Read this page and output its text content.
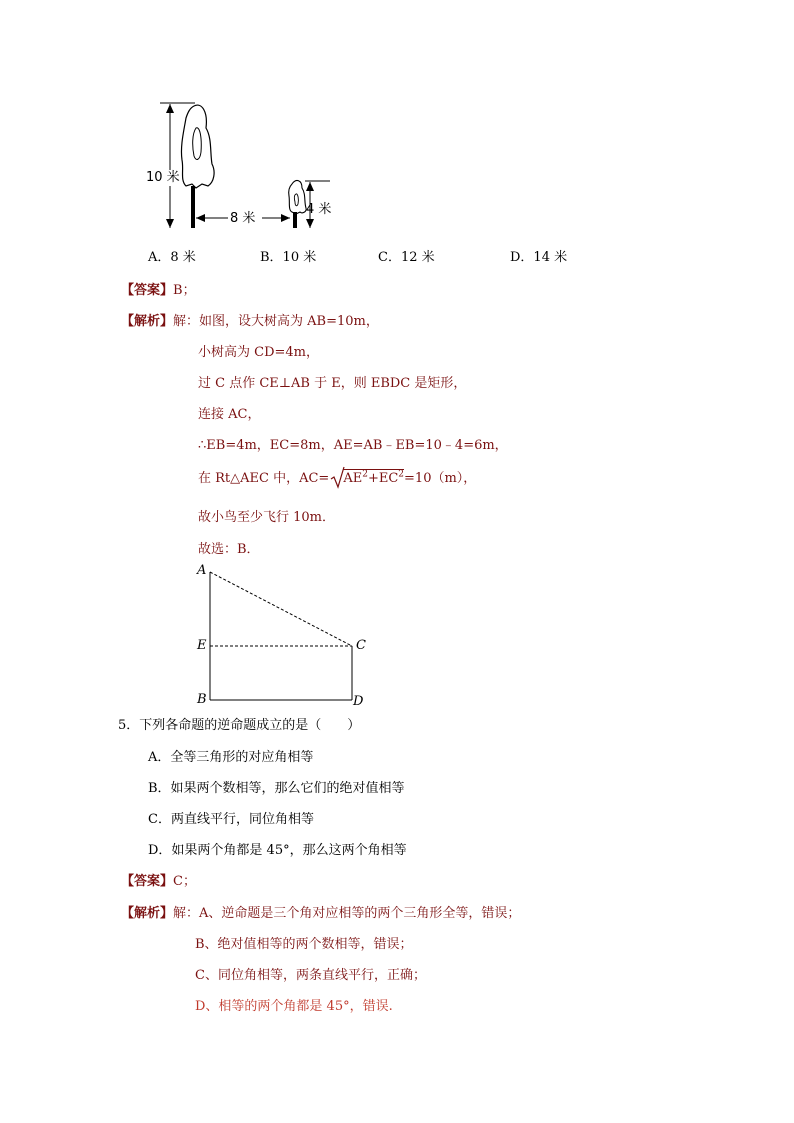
10 米
8 米
4 米
A．8 米	B．10 米	C．12 米	D．14 米
【答案】B；
【解析】解：如图，设大树高为 AB=10m，
小树高为 CD=4m，
过 C 点作 CE⊥AB 于 E，则 EBDC 是矩形，
连接 AC，
∴EB=4m，EC=8m，AE=AB﹣EB=10﹣4=6m，
在 Rt△AEC 中，$AC= AE^2+EC^2=10(m)$，
故小鸟至少飞行 10m．
故选：B．
A
E
B
C
D
5．下列各命题的逆命题成立的是（　　）
A．全等三角形的对应角相等
B．如果两个数相等，那么它们的绝对值相等
C．两直线平行，同位角相等
D．如果两个角都是 45°，那么这两个角相等
【答案】C；
【解析】解：A、逆命题是三个角对应相等的两个三角形全等，错误；
B、绝对值相等的两个数相等，错误；
C、同位角相等，两条直线平行，正确；
D、相等的两个角都是 45°，错误.
